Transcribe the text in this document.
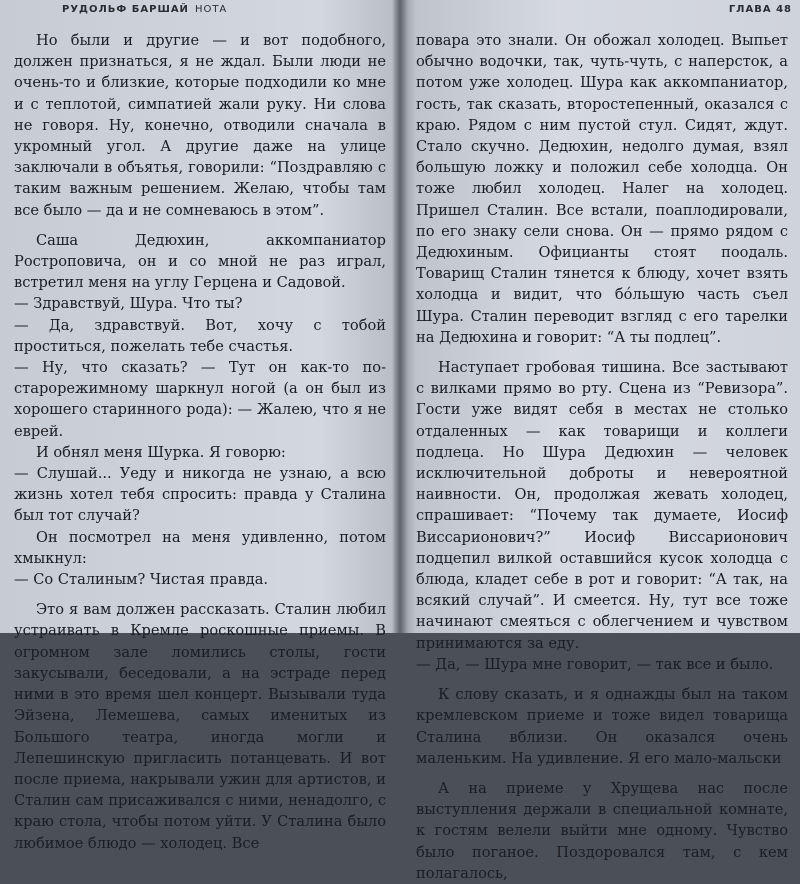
РУДОЛЬФ БАРШАЙ НОТА

Но были и другие — и вот подобного, должен признаться, я не ждал. Были люди не очень-то и близкие, которые подходили ко мне и с теплотой, симпатией жали руку. Ни слова не говоря. Ну, конечно, отводили сначала в укромный угол. А другие даже на улице заключали в объятья, говорили: “Поздравляю с таким важным решением. Желаю, чтобы там все было — да и не сомневаюсь в этом”.

Саша Дедюхин, аккомпаниатор Ростроповича, он и со мной не раз играл, встретил меня на углу Герцена и Садовой.

— Здравствуй, Шура. Что ты?

— Да, здравствуй. Вот, хочу с тобой проститься, пожелать тебе счастья.

— Ну, что сказать? — Тут он как-то по-старорежимному шаркнул ногой (а он был из хорошего старинного рода): — Жалею, что я не еврей.

И обнял меня Шурка. Я говорю:

— Слушай... Уеду и никогда не узнаю, а всю жизнь хотел тебя спросить: правда у Сталина был тот случай?

Он посмотрел на меня удивленно, потом хмыкнул:

— Со Сталиным? Чистая правда.

Это я вам должен рассказать. Сталин любил устраивать в Кремле роскошные приемы. В огромном зале ломились столы, гости закусывали, беседовали, а на эстраде перед ними в это время шел концерт. Вызывали туда Эйзена, Лемешева, самых именитых из Большого театра, иногда могли и Лепешинскую пригласить потанцевать. И вот после приема, накрывали ужин для артистов, и Сталин сам присаживался с ними, ненадолго, с краю стола, чтобы потом уйти. У Сталина было любимое блюдо — холодец. Все

ГЛАВА 48

повара это знали. Он обожал холодец. Выпьет обычно водочки, так, чуть-чуть, с наперсток, а потом уже холодец. Шура как аккомпаниатор, гость, так сказать, второстепенный, оказался с краю. Рядом с ним пустой стул. Сидят, ждут. Стало скучно. Дедюхин, недолго думая, взял большую ложку и положил себе холодца. Он тоже любил холодец. Налег на холодец. Пришел Сталин. Все встали, поаплодировали, по его знаку сели снова. Он — прямо рядом с Дедюхиным. Официанты стоят поодаль. Товарищ Сталин тянется к блюду, хочет взять холодца и видит, что бóльшую часть съел Шура. Сталин переводит взгляд с его тарелки на Дедюхина и говорит: “А ты подлец”.

Наступает гробовая тишина. Все застывают с вилками прямо во рту. Сцена из “Ревизора”. Гости уже видят себя в местах не столько отдаленных — как товарищи и коллеги подлеца. Но Шура Дедюхин — человек исключительной доброты и невероятной наивности. Он, продолжая жевать холодец, спрашивает: “Почему так думаете, Иосиф Виссарионович?” Иосиф Виссарионович подцепил вилкой оставшийся кусок холодца с блюда, кладет себе в рот и говорит: “А так, на всякий случай”. И смеется. Ну, тут все тоже начинают смеяться с облегчением и чувством принимаются за еду.

— Да, — Шура мне говорит, — так все и было.

К слову сказать, и я однажды был на таком кремлевском приеме и тоже видел товарища Сталина вблизи. Он оказался очень маленьким. На удивление. Я его мало-мальски

А на приеме у Хрущева нас после выступления держали в специальной комнате, к гостям велели выйти мне одному. Чувство было поганое. Поздоровался там, с кем полагалось,
